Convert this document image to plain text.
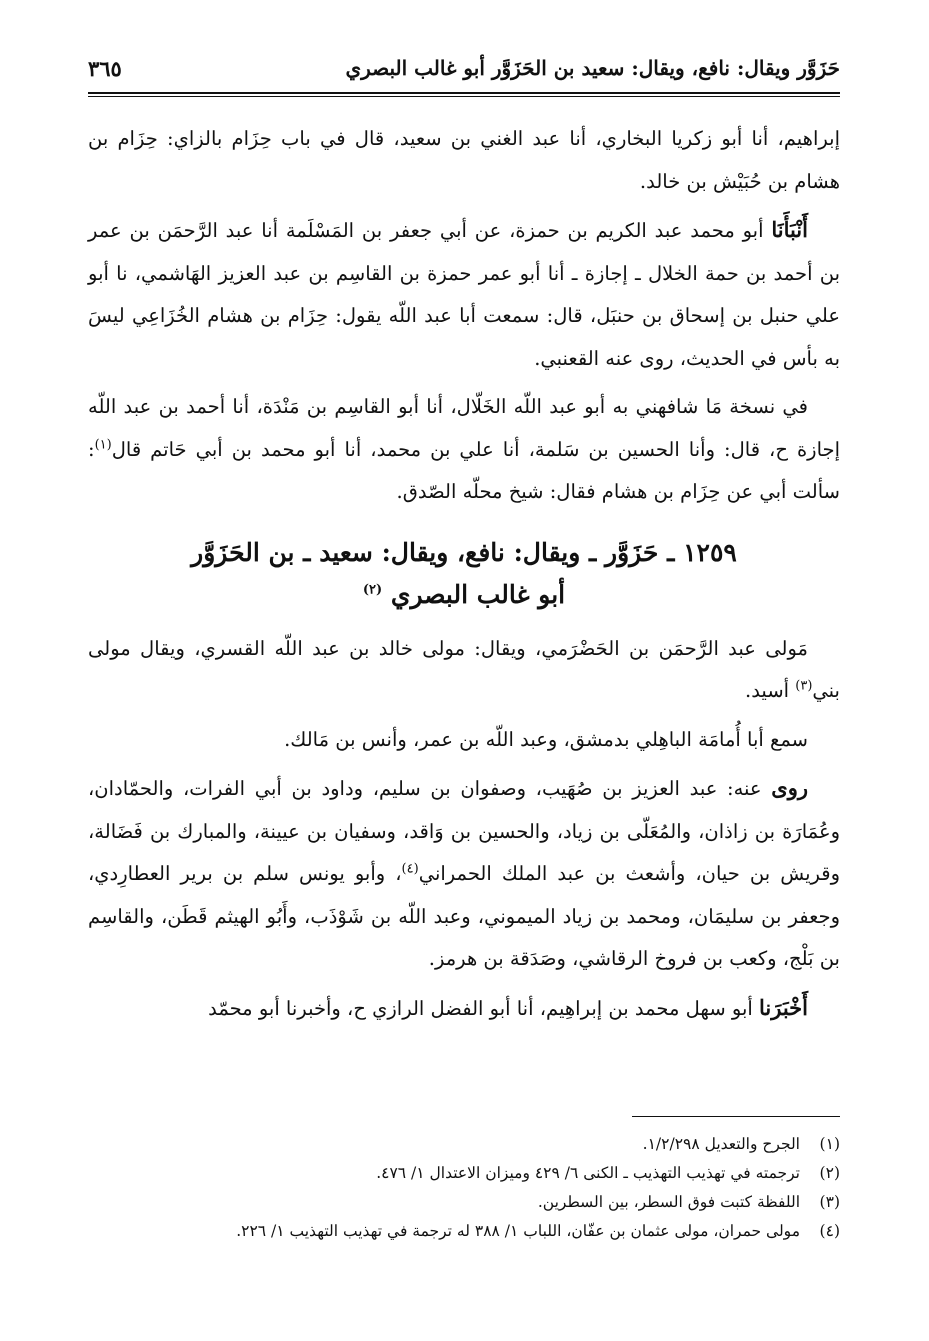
حَزَوَّر ويقال: نافع، ويقال: سعيد بن الحَزَوَّر أبو غالب البصري
٣٦٥

إبراهيم، أنا أبو زكريا البخاري، أنا عبد الغني بن سعيد، قال في باب حِزَام بالزاي: حِزَام بن هشام بن حُبَيْش بن خالد.

أَنْبَأَنَا أبو محمد عبد الكريم بن حمزة، عن أبي جعفر بن المَسْلَمة أنا عبد الرَّحمَن بن عمر بن أحمد بن حمة الخلال ـ إجازة ـ أنا أبو عمر حمزة بن القاسِم بن عبد العزيز الهَاشمي، نا أبو علي حنبل بن إسحاق بن حنبَل، قال: سمعت أبا عبد اللّه يقول: حِزَام بن هشام الخُزَاعِي ليسَ به بأس في الحديث، روى عنه القعنبي.

في نسخة مَا شافهني به أبو عبد اللّه الخَلّال، أنا أبو القاسِم بن مَنْدَة، أنا أحمد بن عبد اللّه إجازة ح، قال: وأنا الحسين بن سَلمة، أنا علي بن محمد، أنا أبو محمد بن أبي حَاتم قال$^{(١)}$: سألت أبي عن حِزَام بن هشام فقال: شيخ محلّه الصّدق.

١٢٥٩ ـ حَزَوَّر ـ ويقال: نافع، ويقال: سعيد ـ بن الحَزَوَّر
أبو غالب البصري $^{(٢)}$

مَولى عبد الرَّحمَن بن الحَضْرَمي، ويقال: مولى خالد بن عبد اللّه القسري، ويقال مولى بني$^{(٣)}$ أسيد.

سمع أبا أُمامَة الباهِلي بدمشق، وعبد اللّه بن عمر، وأنس بن مَالك.

روى عنه: عبد العزيز بن صُهَيب، وصفوان بن سليم، وداود بن أبي الفرات، والحمّادان، وعُمَارَة بن زاذان، والمُعَلّى بن زياد، والحسين بن وَاقد، وسفيان بن عيينة، والمبارك بن فَضَالة، وقريش بن حيان، وأشعث بن عبد الملك الحمراني$^{(٤)}$، وأبو يونس سلم بن برير العطارِدي، وجعفر بن سليمَان، ومحمد بن زياد الميموني، وعبد اللّه بن شَوْذَب، وأَبُو الهيثم قَطَن، والقاسِم بن بَلْج، وكعب بن فروخ الرقاشي، وصَدَقة بن هرمز.

أَخْبَرَنا أبو سهل محمد بن إبراهِيم، أنا أبو الفضل الرازي ح، وأخبرنا أبو محمّد

(١)
الجرح والتعديل ١/٢/٢٩٨.
(٢)
ترجمته في تهذيب التهذيب ـ الكنى ٦/ ٤٢٩ وميزان الاعتدال ١/ ٤٧٦.
(٣)
اللفظة كتبت فوق السطر، بين السطرين.
(٤)
مولى حمران، مولى عثمان بن عفّان، اللباب ١/ ٣٨٨ له ترجمة في تهذيب التهذيب ١/ ٢٢٦.
